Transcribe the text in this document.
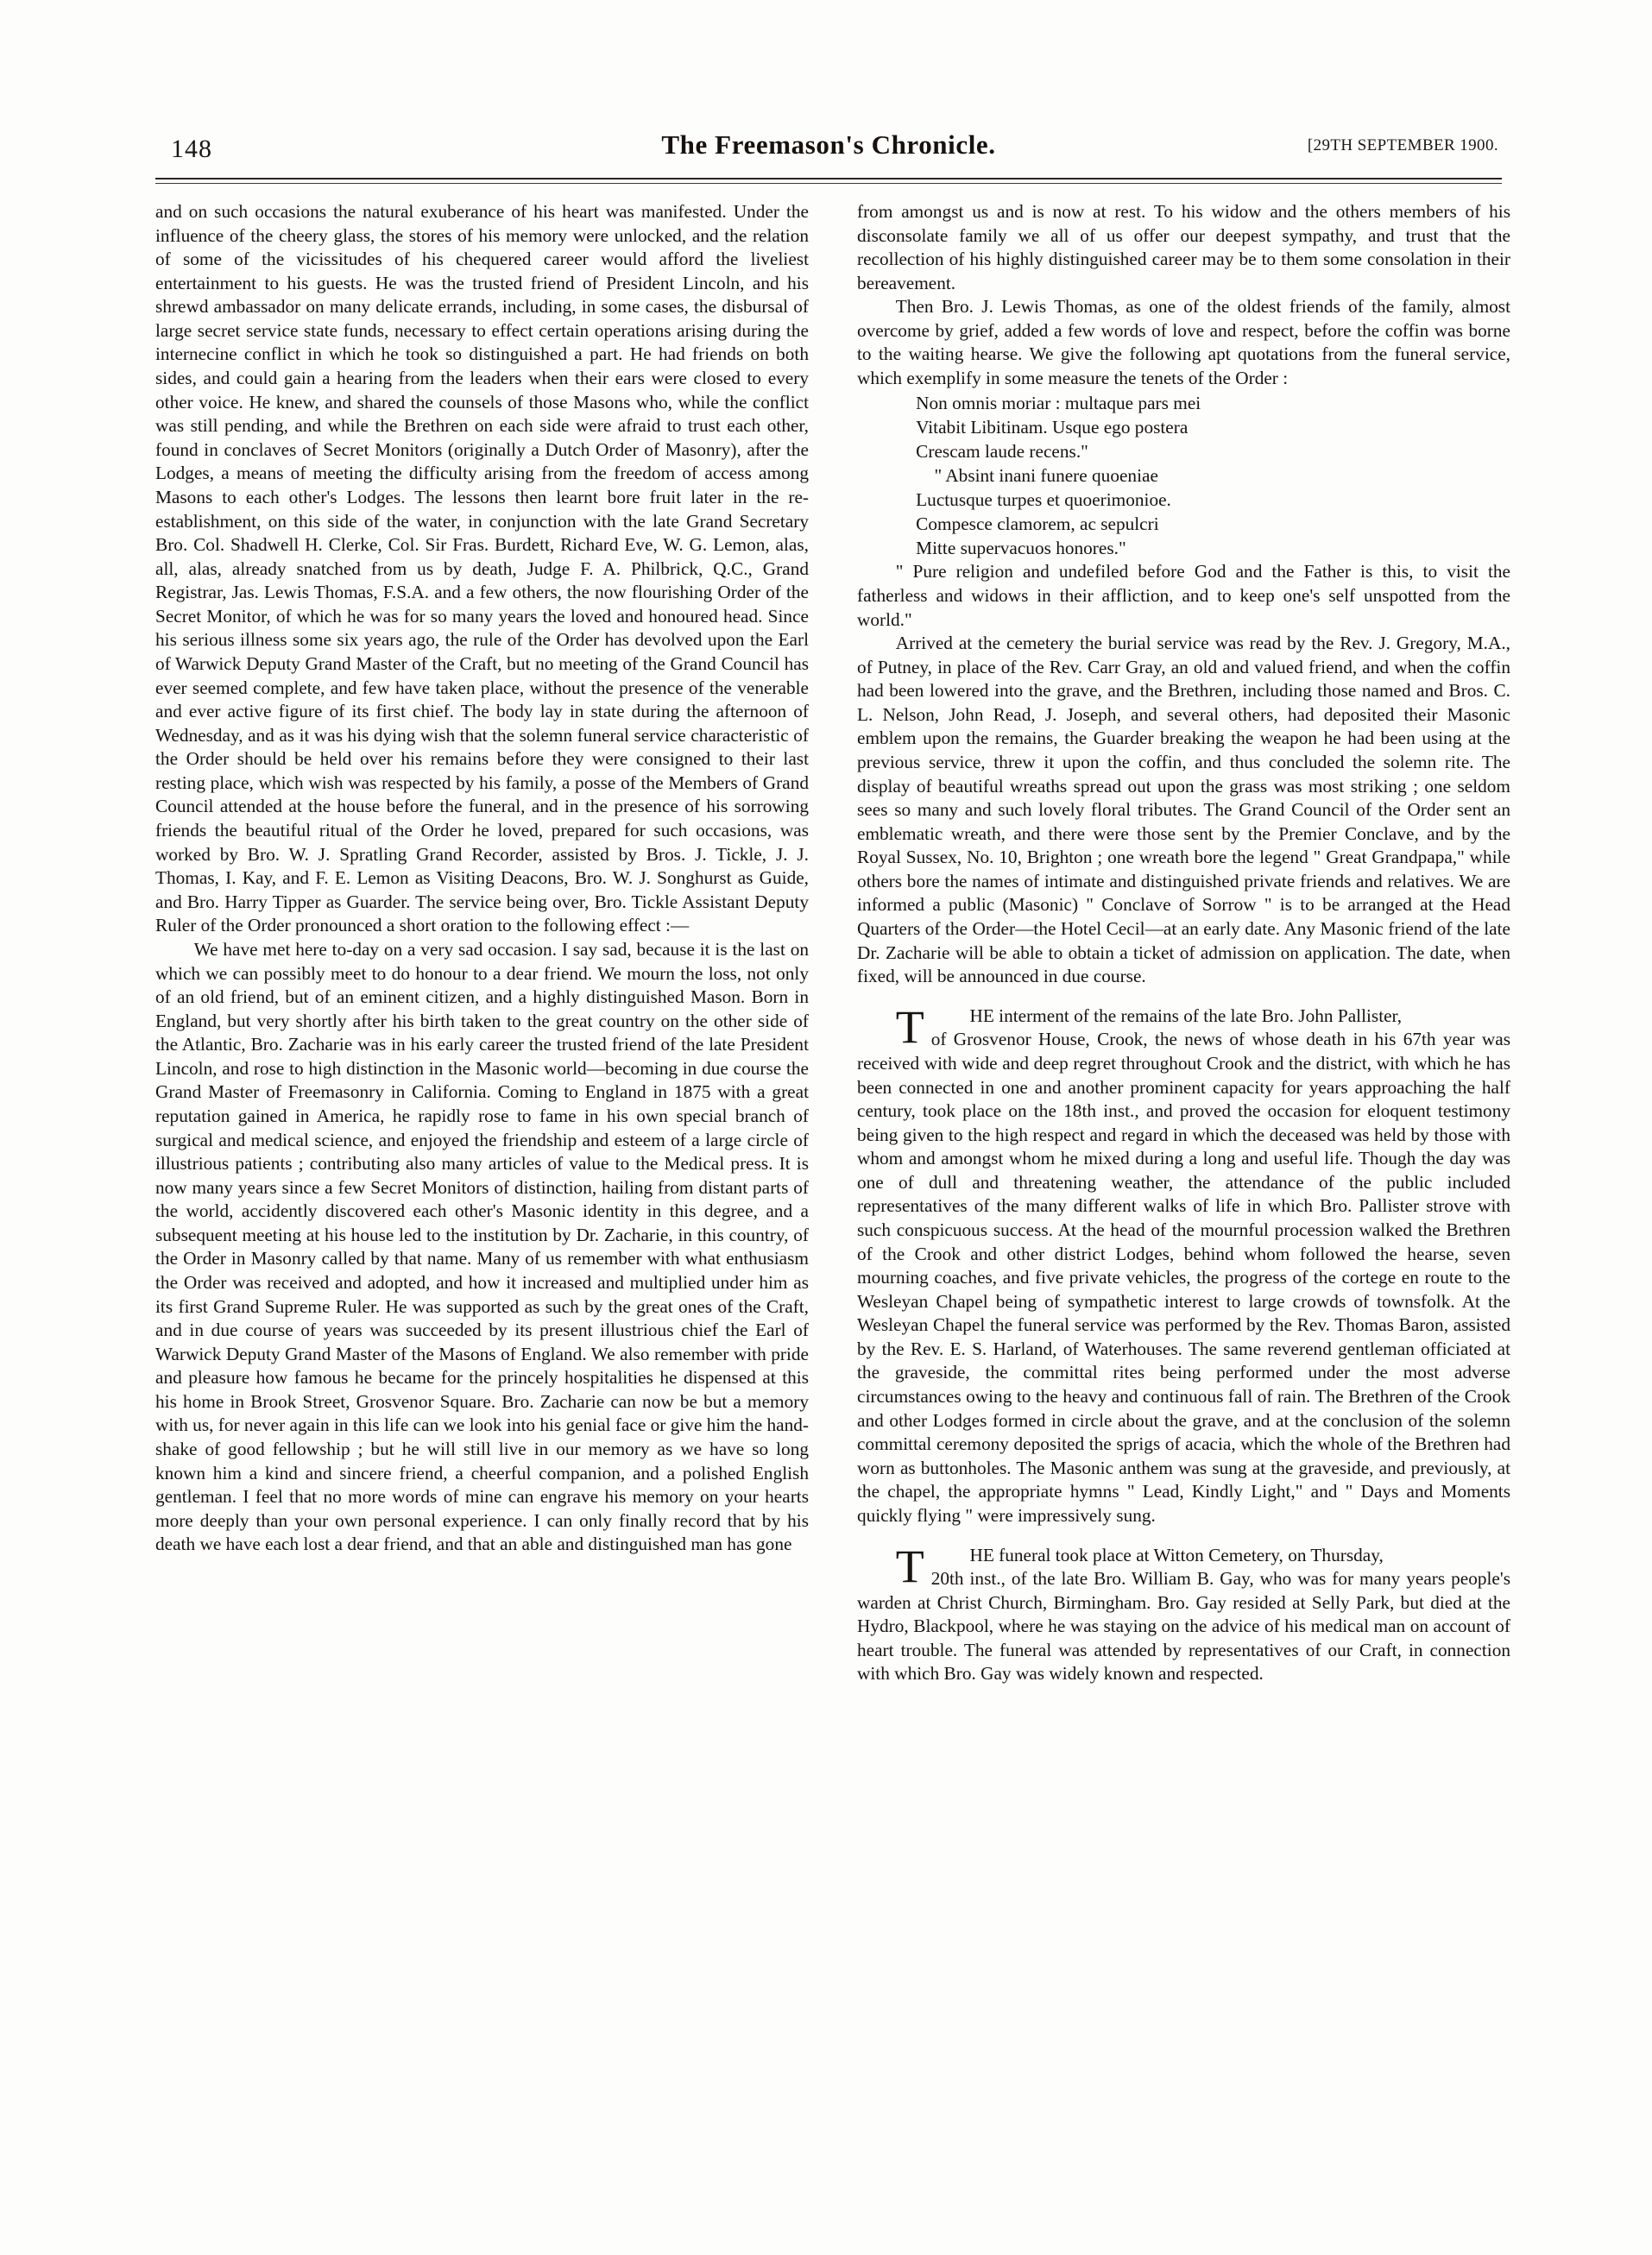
148	The Freemason's Chronicle.	[29TH SEPTEMBER 1900.

and on such occasions the natural exuberance of his heart was manifested. Under the influence of the cheery glass, the stores of his memory were unlocked, and the relation of some of the vicissitudes of his chequered career would afford the liveliest entertainment to his guests. He was the trusted friend of President Lincoln, and his shrewd ambassador on many delicate errands, including, in some cases, the disbursal of large secret service state funds, necessary to effect certain operations arising during the internecine conflict in which he took so distinguished a part. He had friends on both sides, and could gain a hearing from the leaders when their ears were closed to every other voice. He knew, and shared the counsels of those Masons who, while the conflict was still pending, and while the Brethren on each side were afraid to trust each other, found in conclaves of Secret Monitors (originally a Dutch Order of Masonry), after the Lodges, a means of meeting the difficulty arising from the freedom of access among Masons to each other's Lodges. The lessons then learnt bore fruit later in the re-establishment, on this side of the water, in conjunction with the late Grand Secretary Bro. Col. Shadwell H. Clerke, Col. Sir Fras. Burdett, Richard Eve, W. G. Lemon, alas, all, alas, already snatched from us by death, Judge F. A. Philbrick, Q.C., Grand Registrar, Jas. Lewis Thomas, F.S.A. and a few others, the now flourishing Order of the Secret Monitor, of which he was for so many years the loved and honoured head. Since his serious illness some six years ago, the rule of the Order has devolved upon the Earl of Warwick Deputy Grand Master of the Craft, but no meeting of the Grand Council has ever seemed complete, and few have taken place, without the presence of the venerable and ever active figure of its first chief. The body lay in state during the afternoon of Wednesday, and as it was his dying wish that the solemn funeral service characteristic of the Order should be held over his remains before they were consigned to their last resting place, which wish was respected by his family, a posse of the Members of Grand Council attended at the house before the funeral, and in the presence of his sorrowing friends the beautiful ritual of the Order he loved, prepared for such occasions, was worked by Bro. W. J. Spratling Grand Recorder, assisted by Bros. J. Tickle, J. J. Thomas, I. Kay, and F. E. Lemon as Visiting Deacons, Bro. W. J. Songhurst as Guide, and Bro. Harry Tipper as Guarder. The service being over, Bro. Tickle Assistant Deputy Ruler of the Order pronounced a short oration to the following effect :—

We have met here to-day on a very sad occasion. I say sad, because it is the last on which we can possibly meet to do honour to a dear friend. We mourn the loss, not only of an old friend, but of an eminent citizen, and a highly distinguished Mason. Born in England, but very shortly after his birth taken to the great country on the other side of the Atlantic, Bro. Zacharie was in his early career the trusted friend of the late President Lincoln, and rose to high distinction in the Masonic world—becoming in due course the Grand Master of Freemasonry in California. Coming to England in 1875 with a great reputation gained in America, he rapidly rose to fame in his own special branch of surgical and medical science, and enjoyed the friendship and esteem of a large circle of illustrious patients ; contributing also many articles of value to the Medical press. It is now many years since a few Secret Monitors of distinction, hailing from distant parts of the world, accidently discovered each other's Masonic identity in this degree, and a subsequent meeting at his house led to the institution by Dr. Zacharie, in this country, of the Order in Masonry called by that name. Many of us remember with what enthusiasm the Order was received and adopted, and how it increased and multiplied under him as its first Grand Supreme Ruler. He was supported as such by the great ones of the Craft, and in due course of years was succeeded by its present illustrious chief the Earl of Warwick Deputy Grand Master of the Masons of England. We also remember with pride and pleasure how famous he became for the princely hospitalities he dispensed at this his home in Brook Street, Grosvenor Square. Bro. Zacharie can now be but a memory with us, for never again in this life can we look into his genial face or give him the hand-shake of good fellowship ; but he will still live in our memory as we have so long known him a kind and sincere friend, a cheerful companion, and a polished English gentleman. I feel that no more words of mine can engrave his memory on your hearts more deeply than your own personal experience. I can only finally record that by his death we have each lost a dear friend, and that an able and distinguished man has gone

from amongst us and is now at rest. To his widow and the others members of his disconsolate family we all of us offer our deepest sympathy, and trust that the recollection of his highly distinguished career may be to them some consolation in their bereavement.

Then Bro. J. Lewis Thomas, as one of the oldest friends of the family, almost overcome by grief, added a few words of love and respect, before the coffin was borne to the waiting hearse. We give the following apt quotations from the funeral service, which exemplify in some measure the tenets of the Order :

Non omnis moriar : multaque pars mei
Vitabit Libitinam. Usque ego postera
Crescam laude recens."

" Absint inani funere quoeniae
Luctusque turpes et quoerimonioe.
Compesce clamorem, ac sepulcri
Mitte supervacuos honores."

" Pure religion and undefiled before God and the Father is this, to visit the fatherless and widows in their affliction, and to keep one's self unspotted from the world."

Arrived at the cemetery the burial service was read by the Rev. J. Gregory, M.A., of Putney, in place of the Rev. Carr Gray, an old and valued friend, and when the coffin had been lowered into the grave, and the Brethren, including those named and Bros. C. L. Nelson, John Read, J. Joseph, and several others, had deposited their Masonic emblem upon the remains, the Guarder breaking the weapon he had been using at the previous service, threw it upon the coffin, and thus concluded the solemn rite. The display of beautiful wreaths spread out upon the grass was most striking ; one seldom sees so many and such lovely floral tributes. The Grand Council of the Order sent an emblematic wreath, and there were those sent by the Premier Conclave, and by the Royal Sussex, No. 10, Brighton ; one wreath bore the legend " Great Grandpapa," while others bore the names of intimate and distinguished private friends and relatives. We are informed a public (Masonic) " Conclave of Sorrow " is to be arranged at the Head Quarters of the Order—the Hotel Cecil—at an early date. Any Masonic friend of the late Dr. Zacharie will be able to obtain a ticket of admission on application. The date, when fixed, will be announced in due course.

T	HE interment of the remains of the late Bro. John Pallister,
of Grosvenor House, Crook, the news of whose death in his 67th year was received with wide and deep regret throughout Crook and the district, with which he has been connected in one and another prominent capacity for years approaching the half century, took place on the 18th inst., and proved the occasion for eloquent testimony being given to the high respect and regard in which the deceased was held by those with whom and amongst whom he mixed during a long and useful life. Though the day was one of dull and threatening weather, the attendance of the public included representatives of the many different walks of life in which Bro. Pallister strove with such conspicuous success. At the head of the mournful procession walked the Brethren of the Crook and other district Lodges, behind whom followed the hearse, seven mourning coaches, and five private vehicles, the progress of the cortege en route to the Wesleyan Chapel being of sympathetic interest to large crowds of townsfolk. At the Wesleyan Chapel the funeral service was performed by the Rev. Thomas Baron, assisted by the Rev. E. S. Harland, of Waterhouses. The same reverend gentleman officiated at the graveside, the committal rites being performed under the most adverse circumstances owing to the heavy and continuous fall of rain. The Brethren of the Crook and other Lodges formed in circle about the grave, and at the conclusion of the solemn committal ceremony deposited the sprigs of acacia, which the whole of the Brethren had worn as buttonholes. The Masonic anthem was sung at the graveside, and previously, at the chapel, the appropriate hymns " Lead, Kindly Light," and " Days and Moments quickly flying " were impressively sung.

T	HE funeral took place at Witton Cemetery, on Thursday,
20th inst., of the late Bro. William B. Gay, who was for many years people's warden at Christ Church, Birmingham. Bro. Gay resided at Selly Park, but died at the Hydro, Blackpool, where he was staying on the advice of his medical man on account of heart trouble. The funeral was attended by representatives of our Craft, in connection with which Bro. Gay was widely known and respected.
